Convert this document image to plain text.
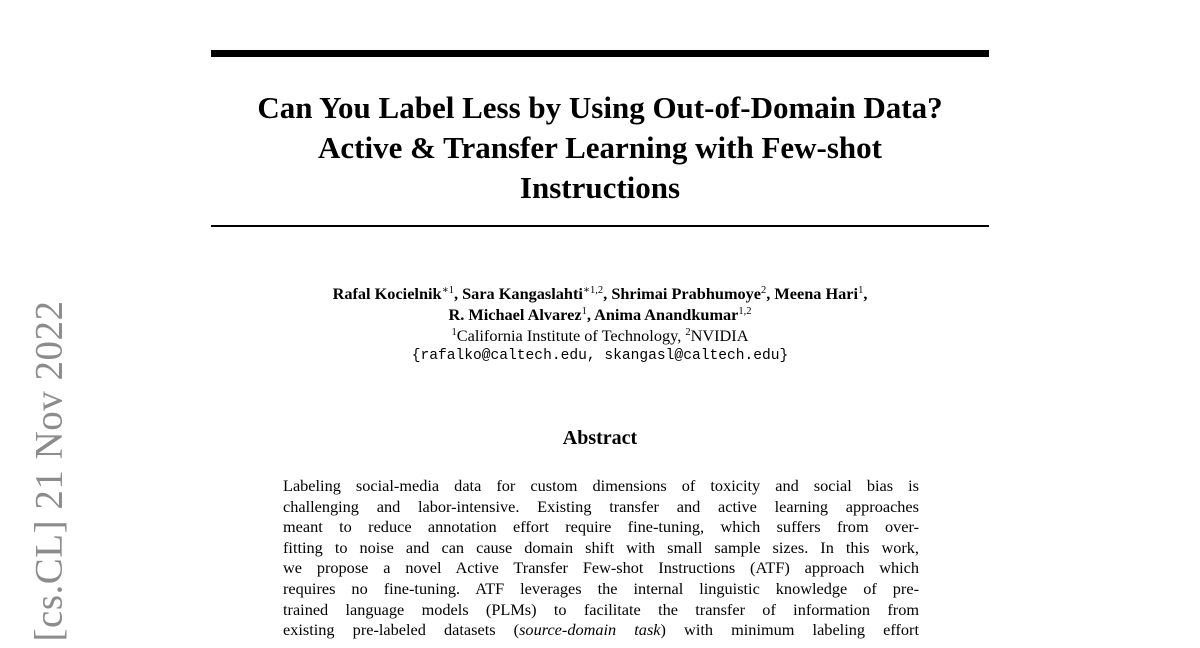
[cs.CL] 21 Nov 2022
Can You Label Less by Using Out-of-Domain Data?
Active & Transfer Learning with Few-shot
Instructions
Rafal Kocielnik$^{∗1}$, Sara Kangaslahti$^{∗1,2}$, Shrimai Prabhumoye$^2$, Meena Hari$^1$,
R. Michael Alvarez$^1$, Anima Anandkumar$^{1,2}$
$^1$California Institute of Technology, $^2$NVIDIA
{rafalko@caltech.edu, skangasl@caltech.edu}
Abstract
Labeling social-media data for custom dimensions of toxicity and social bias is
challenging and labor-intensive. Existing transfer and active learning approaches
meant to reduce annotation effort require fine-tuning, which suffers from over-
fitting to noise and can cause domain shift with small sample sizes. In this work,
we propose a novel Active Transfer Few-shot Instructions (ATF) approach which
requires no fine-tuning. ATF leverages the internal linguistic knowledge of pre-
trained language models (PLMs) to facilitate the transfer of information from
existing pre-labeled datasets (source-domain task) with minimum labeling effort
